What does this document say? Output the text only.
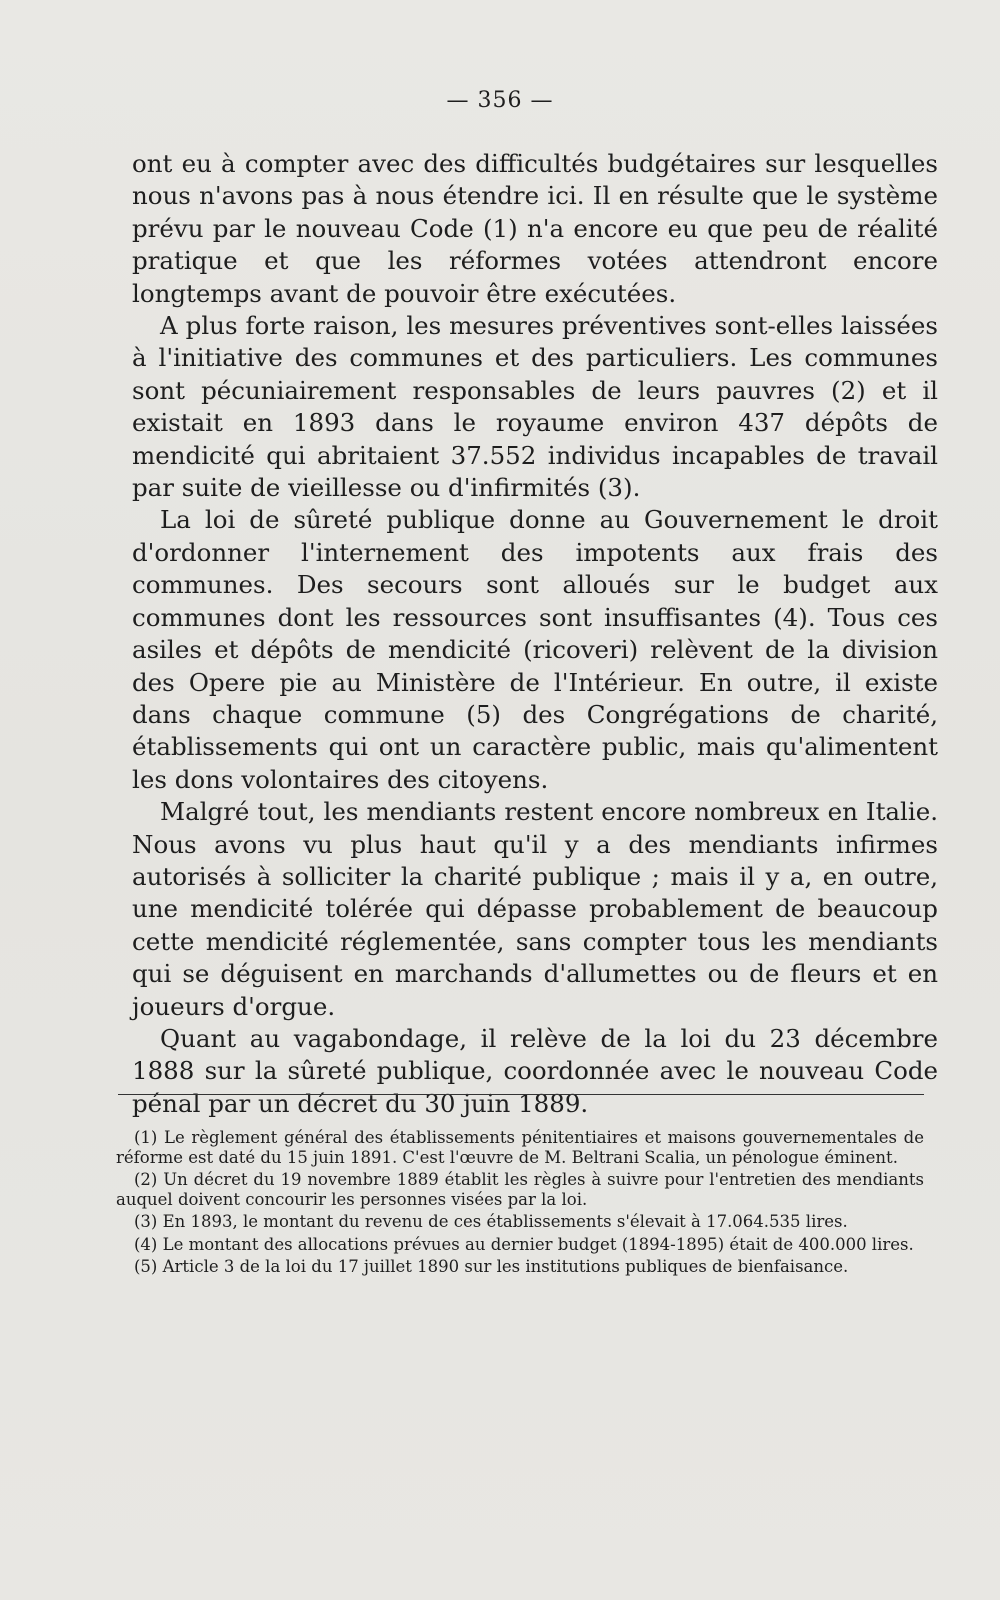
— 356 —

ont eu à compter avec des difficultés budgétaires sur lesquelles nous n'avons pas à nous étendre ici. Il en résulte que le système prévu par le nouveau Code (1) n'a encore eu que peu de réalité pratique et que les réformes votées attendront encore longtemps avant de pouvoir être exécutées.

A plus forte raison, les mesures préventives sont-elles laissées à l'initiative des communes et des particuliers. Les communes sont pécuniairement responsables de leurs pauvres (2) et il existait en 1893 dans le royaume environ 437 dépôts de mendicité qui abritaient 37.552 individus incapables de travail par suite de vieillesse ou d'infirmités (3).

La loi de sûreté publique donne au Gouvernement le droit d'ordonner l'internement des impotents aux frais des communes. Des secours sont alloués sur le budget aux communes dont les ressources sont insuffisantes (4). Tous ces asiles et dépôts de mendicité (ricoveri) relèvent de la division des Opere pie au Ministère de l'Intérieur. En outre, il existe dans chaque commune (5) des Congrégations de charité, établissements qui ont un caractère public, mais qu'alimentent les dons volontaires des citoyens.

Malgré tout, les mendiants restent encore nombreux en Italie. Nous avons vu plus haut qu'il y a des mendiants infirmes autorisés à solliciter la charité publique ; mais il y a, en outre, une mendicité tolérée qui dépasse probablement de beaucoup cette mendicité réglementée, sans compter tous les mendiants qui se déguisent en marchands d'allumettes ou de fleurs et en joueurs d'orgue.

Quant au vagabondage, il relève de la loi du 23 décembre 1888 sur la sûreté publique, coordonnée avec le nouveau Code pénal par un décret du 30 juin 1889.

(1) Le règlement général des établissements pénitentiaires et maisons gouvernementales de réforme est daté du 15 juin 1891. C'est l'œuvre de M. Beltrani Scalia, un pénologue éminent.

(2) Un décret du 19 novembre 1889 établit les règles à suivre pour l'entretien des mendiants auquel doivent concourir les personnes visées par la loi.

(3) En 1893, le montant du revenu de ces établissements s'élevait à 17.064.535 lires.

(4) Le montant des allocations prévues au dernier budget (1894-1895) était de 400.000 lires.

(5) Article 3 de la loi du 17 juillet 1890 sur les institutions publiques de bienfaisance.
